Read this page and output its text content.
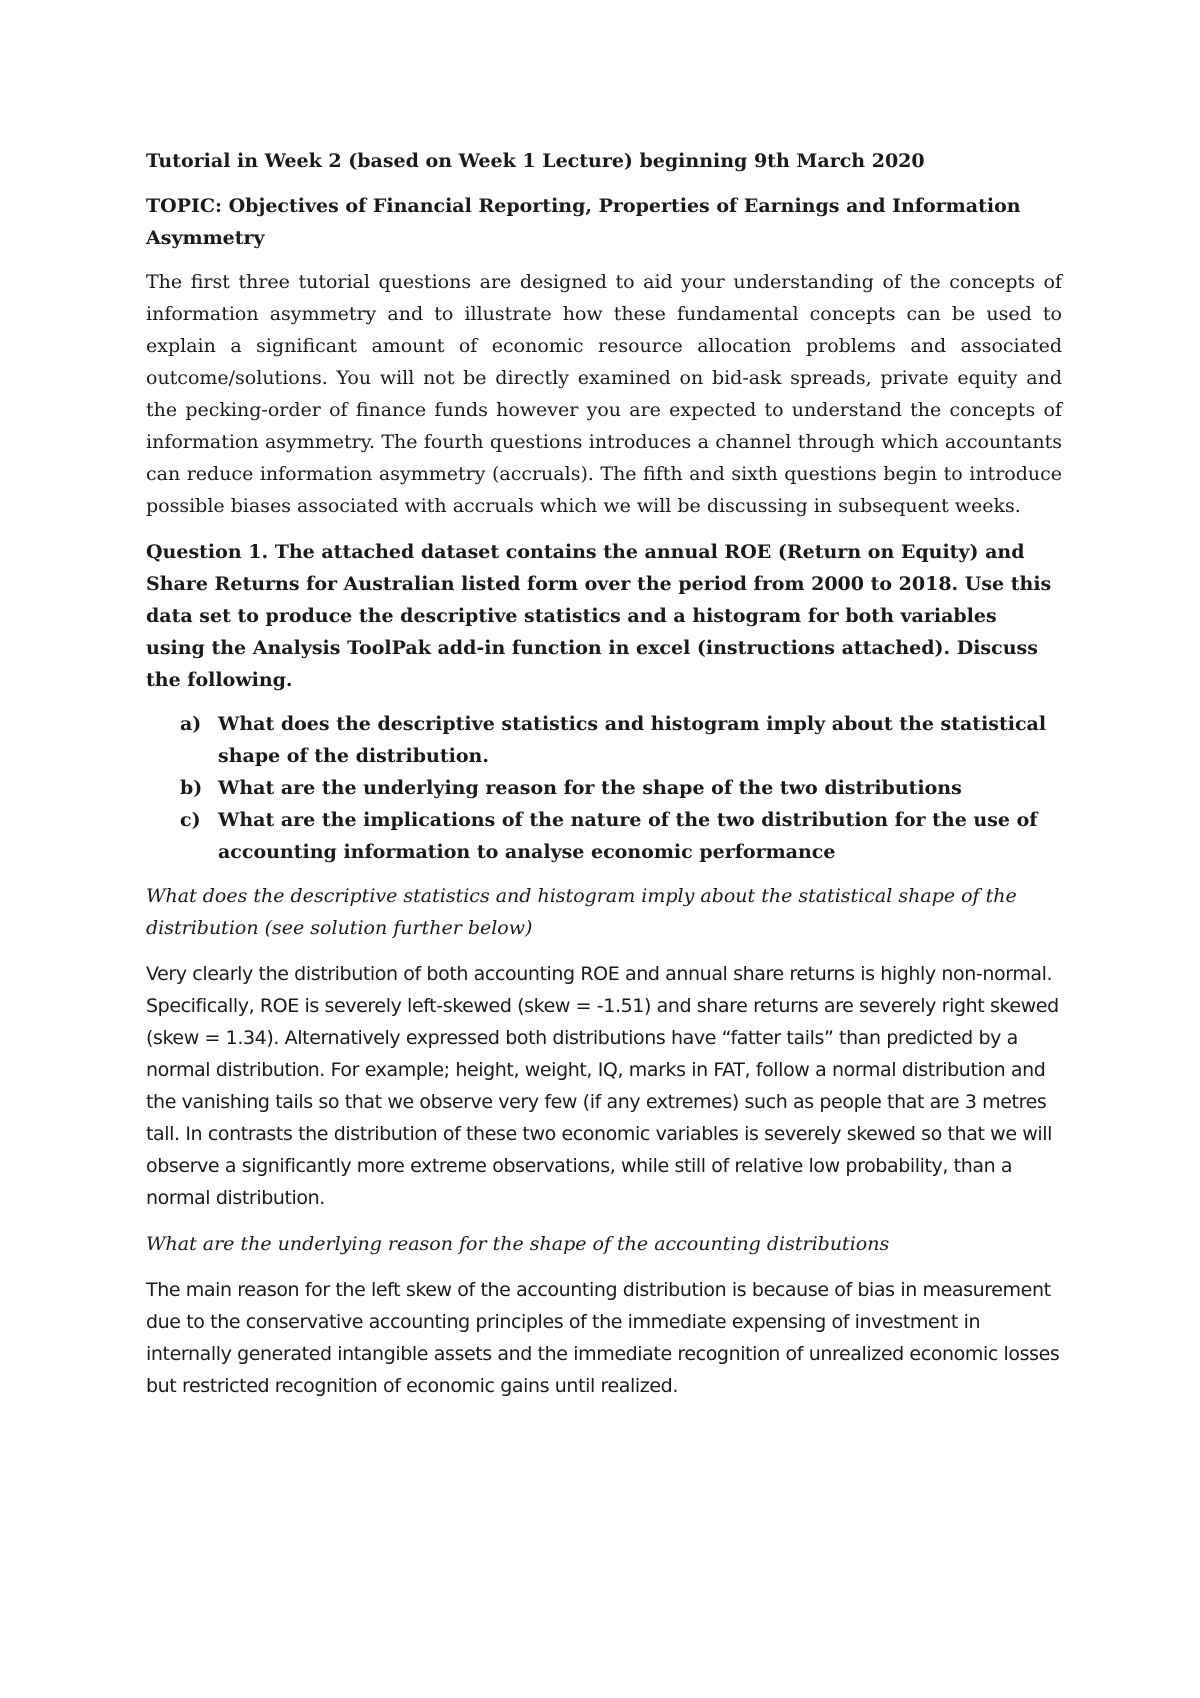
Tutorial in Week 2 (based on Week 1 Lecture) beginning 9th March 2020

TOPIC: Objectives of Financial Reporting, Properties of Earnings and Information Asymmetry

The first three tutorial questions are designed to aid your understanding of the concepts of information asymmetry and to illustrate how these fundamental concepts can be used to explain a significant amount of economic resource allocation problems and associated outcome/solutions. You will not be directly examined on bid-ask spreads, private equity and the pecking-order of finance funds however you are expected to understand the concepts of information asymmetry. The fourth questions introduces a channel through which accountants can reduce information asymmetry (accruals). The fifth and sixth questions begin to introduce possible biases associated with accruals which we will be discussing in subsequent weeks.

Question 1. The attached dataset contains the annual ROE (Return on Equity) and Share Returns for Australian listed form over the period from 2000 to 2018. Use this data set to produce the descriptive statistics and a histogram for both variables using the Analysis ToolPak add-in function in excel (instructions attached). Discuss the following.

a) What does the descriptive statistics and histogram imply about the statistical shape of the distribution.
b) What are the underlying reason for the shape of the two distributions
c) What are the implications of the nature of the two distribution for the use of accounting information to analyse economic performance

What does the descriptive statistics and histogram imply about the statistical shape of the distribution (see solution further below)

Very clearly the distribution of both accounting ROE and annual share returns is highly non-normal. Specifically, ROE is severely left-skewed (skew = -1.51) and share returns are severely right skewed (skew = 1.34). Alternatively expressed both distributions have “fatter tails” than predicted by a normal distribution. For example; height, weight, IQ, marks in FAT, follow a normal distribution and the vanishing tails so that we observe very few (if any extremes) such as people that are 3 metres tall. In contrasts the distribution of these two economic variables is severely skewed so that we will observe a significantly more extreme observations, while still of relative low probability, than a normal distribution.

What are the underlying reason for the shape of the accounting distributions

The main reason for the left skew of the accounting distribution is because of bias in measurement due to the conservative accounting principles of the immediate expensing of investment in internally generated intangible assets and the immediate recognition of unrealized economic losses but restricted recognition of economic gains until realized.
